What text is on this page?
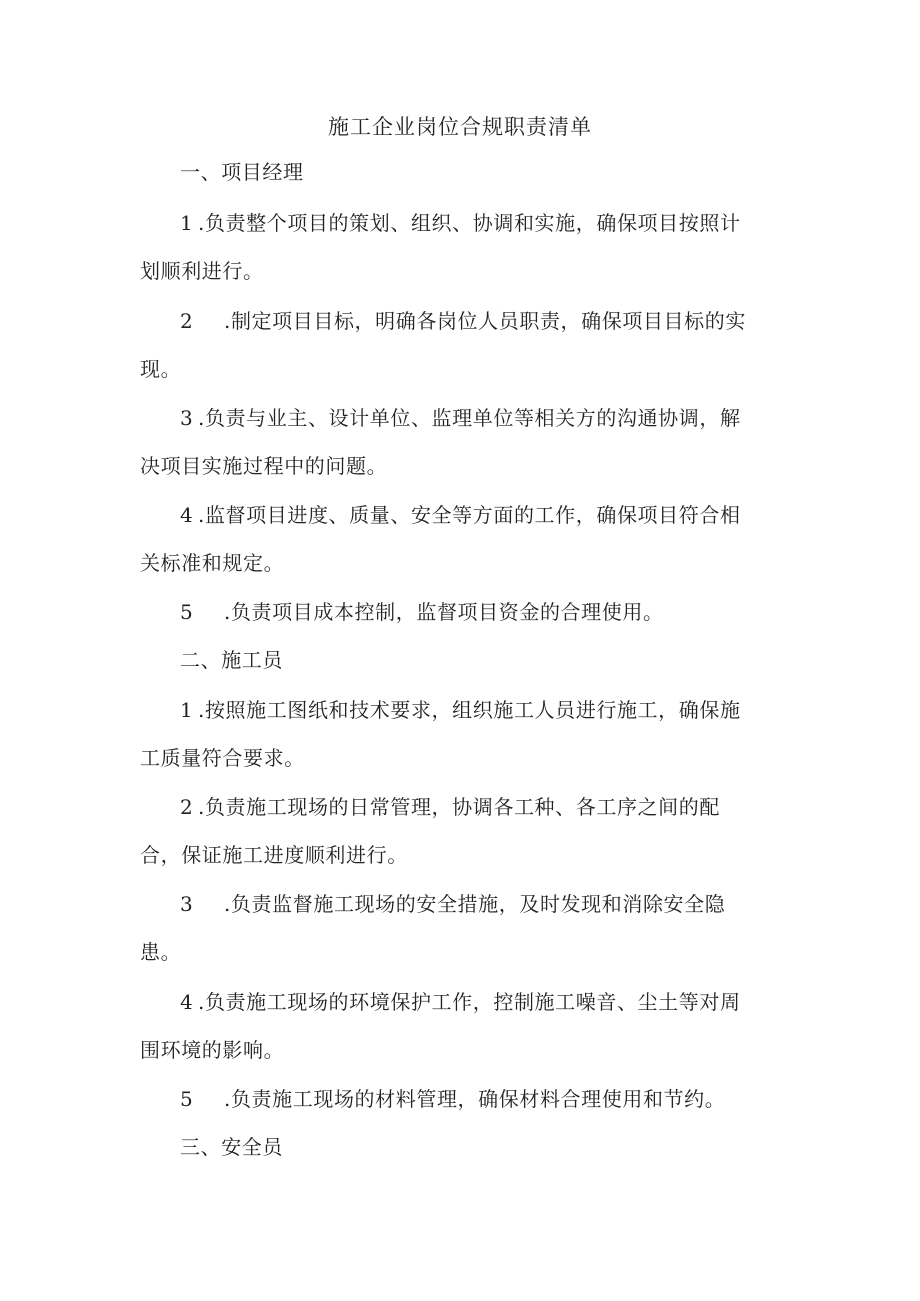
施工企业岗位合规职责清单
一、项目经理
1 .负责整个项目的策划、组织、协调和实施，确保项目按照计
划顺利进行。
2 .制定项目目标，明确各岗位人员职责，确保项目目标的实
现。
3 .负责与业主、设计单位、监理单位等相关方的沟通协调，解
决项目实施过程中的问题。
4 .监督项目进度、质量、安全等方面的工作，确保项目符合相
关标准和规定。
5 .负责项目成本控制，监督项目资金的合理使用。
二、施工员
1 .按照施工图纸和技术要求，组织施工人员进行施工，确保施
工质量符合要求。
2 .负责施工现场的日常管理，协调各工种、各工序之间的配
合，保证施工进度顺利进行。
3 .负责监督施工现场的安全措施，及时发现和消除安全隐
患。
4 .负责施工现场的环境保护工作，控制施工噪音、尘土等对周
围环境的影响。
5 .负责施工现场的材料管理，确保材料合理使用和节约。
三、安全员
